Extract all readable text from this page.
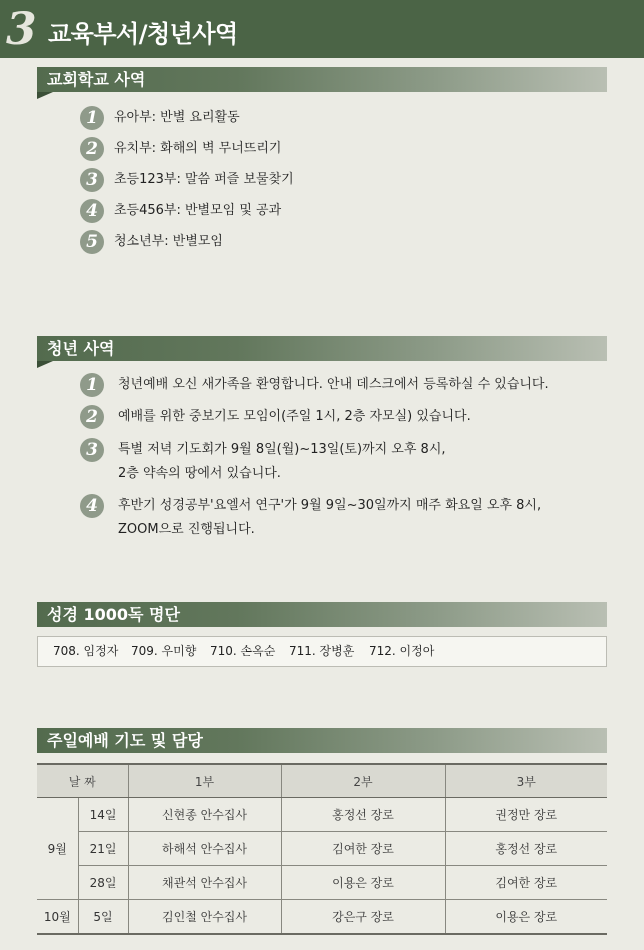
3 교육부서/청년사역
교회학교 사역
1	유아부: 반별 요리활동
2	유치부: 화해의 벽 무너뜨리기
3	초등123부: 말씀 퍼즐 보물찾기
4	초등456부: 반별모임 및 공과
5	청소년부: 반별모임
청년 사역
1	청년예배 오신 새가족을 환영합니다. 안내 데스크에서 등록하실 수 있습니다.
2	예배를 위한 중보기도 모임이(주일 1시, 2층 자모실) 있습니다.
3	특별 저녁 기도회가 9월 8일(월)~13일(토)까지 오후 8시,
2층 약속의 땅에서 있습니다.
4	후반기 성경공부'요엘서 연구'가 9월 9일~30일까지 매주 화요일 오후 8시,
ZOOM으로 진행됩니다.
성경 1000독 명단
708. 임정자 709. 우미향 710. 손옥순 711. 장병훈 712. 이정아
주일예배 기도 및 담당
날 짜		1부	2부	3부
9월	14일	신현종 안수집사	홍정선 장로	권정만 장로
	21일	하해석 안수집사	김여한 장로	홍정선 장로
	28일	채관석 안수집사	이용은 장로	김여한 장로
10월	5일	김인철 안수집사	강은구 장로	이용은 장로
